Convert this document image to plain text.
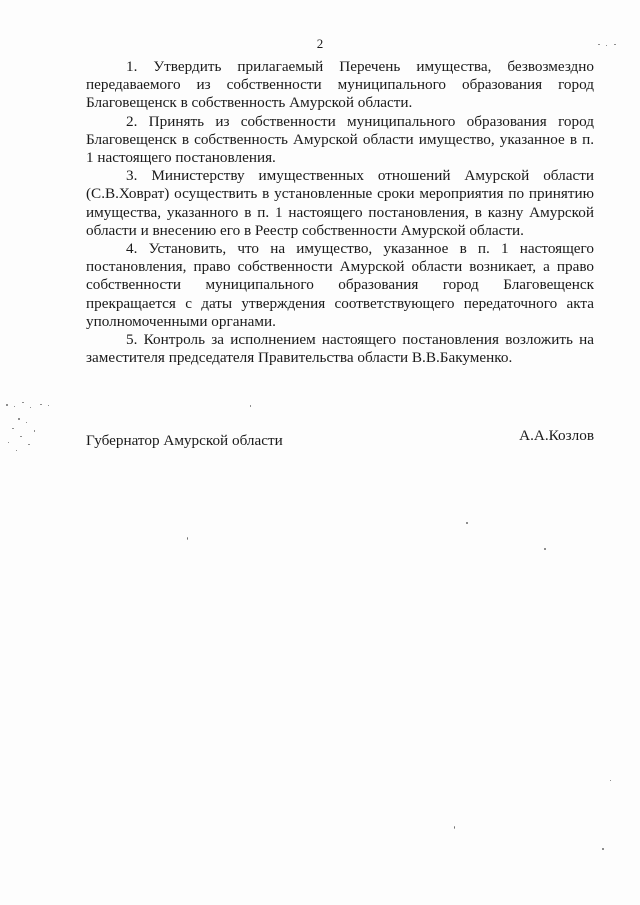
2

1. Утвердить прилагаемый Перечень имущества, безвозмездно передаваемого из собственности муниципального образования город Благовещенск в собственность Амурской области.

2. Принять из собственности муниципального образования город Благовещенск в собственность Амурской области имущество, указанное в п. 1 настоящего постановления.

3. Министерству имущественных отношений Амурской области (С.В.Ховрат) осуществить в установленные сроки мероприятия по принятию имущества, указанного в п. 1 настоящего постановления, в казну Амурской области и внесению его в Реестр собственности Амурской области.

4. Установить, что на имущество, указанное в п. 1 настоящего постановления, право собственности Амурской области возникает, а право собственности муниципального образования город Благовещенск прекращается с даты утверждения соответствующего передаточного акта уполномоченными органами.

5. Контроль за исполнением настоящего постановления возложить на заместителя председателя Правительства области В.В.Бакуменко.

Губернатор Амурской области	А.А.Козлов
